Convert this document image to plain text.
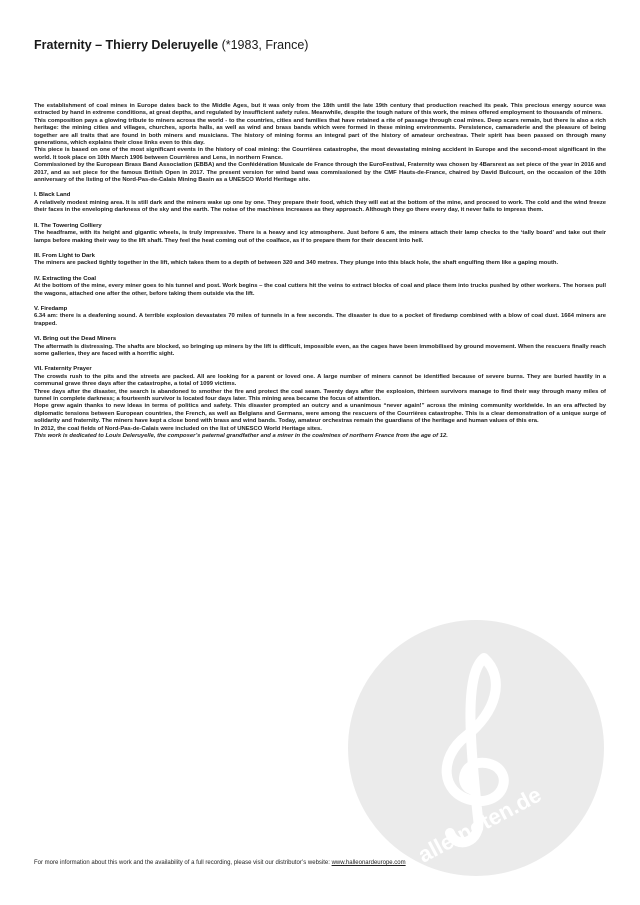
Fraternity – Thierry Deleruyelle (*1983, France)

The establishment of coal mines in Europe dates back to the Middle Ages, but it was only from the 18th until the late 19th century that production reached its peak. This precious energy source was extracted by hand in extreme conditions, at great depths, and regulated by insufficient safety rules. Meanwhile, despite the tough nature of this work, the mines offered employment to thousands of miners.

This composition pays a glowing tribute to miners across the world - to the countries, cities and families that have retained a rite of passage through coal mines. Deep scars remain, but there is also a rich heritage: the mining cities and villages, churches, sports halls, as well as wind and brass bands which were formed in these mining environments. Persistence, camaraderie and the pleasure of being together are all traits that are found in both miners and musicians. The history of mining forms an integral part of the history of amateur orchestras. Their spirit has been passed on through many generations, which explains their close links even to this day.

This piece is based on one of the most significant events in the history of coal mining: the Courrières catastrophe, the most devastating mining accident in Europe and the second-most significant in the world. It took place on 10th March 1906 between Courrières and Lens, in northern France.

Commissioned by the European Brass Band Association (EBBA) and the Confédération Musicale de France through the EuroFestival, Fraternity was chosen by 4Barsrest as set piece of the year in 2016 and 2017, and as set piece for the famous British Open in 2017. The present version for wind band was commissioned by the CMF Hauts-de-France, chaired by David Bulcourt, on the occasion of the 10th anniversary of the listing of the Nord-Pas-de-Calais Mining Basin as a UNESCO World Heritage site.

I. Black Land

A relatively modest mining area. It is still dark and the miners wake up one by one. They prepare their food, which they will eat at the bottom of the mine, and proceed to work. The cold and the wind freeze their faces in the enveloping darkness of the sky and the earth. The noise of the machines increases as they approach. Although they go there every day, it never fails to impress them.

II. The Towering Colliery

The headframe, with its height and gigantic wheels, is truly impressive. There is a heavy and icy atmosphere. Just before 6 am, the miners attach their lamp checks to the ‘tally board’ and take out their lamps before making their way to the lift shaft. They feel the heat coming out of the coalface, as if to prepare them for their descent into hell.

III. From Light to Dark

The miners are packed tightly together in the lift, which takes them to a depth of between 320 and 340 metres. They plunge into this black hole, the shaft engulfing them like a gaping mouth.

IV. Extracting the Coal

At the bottom of the mine, every miner goes to his tunnel and post. Work begins – the coal cutters hit the veins to extract blocks of coal and place them into trucks pushed by other workers. The horses pull the wagons, attached one after the other, before taking them outside via the lift.

V. Firedamp

6.34 am: there is a deafening sound. A terrible explosion devastates 70 miles of tunnels in a few seconds. The disaster is due to a pocket of firedamp combined with a blow of coal dust. 1664 miners are trapped.

VI. Bring out the Dead Miners

The aftermath is distressing. The shafts are blocked, so bringing up miners by the lift is difficult, impossible even, as the cages have been immobilised by ground movement. When the rescuers finally reach some galleries, they are faced with a horrific sight.

VII. Fraternity Prayer

The crowds rush to the pits and the streets are packed. All are looking for a parent or loved one. A large number of miners cannot be identified because of severe burns. They are buried hastily in a communal grave three days after the catastrophe, a total of 1099 victims.

Three days after the disaster, the search is abandoned to smother the fire and protect the coal seam. Twenty days after the explosion, thirteen survivors manage to find their way through many miles of tunnel in complete darkness; a fourteenth survivor is located four days later. This mining area became the focus of attention.

Hope grew again thanks to new ideas in terms of politics and safety. This disaster prompted an outcry and a unanimous “never again!” across the mining community worldwide. In an era affected by diplomatic tensions between European countries, the French, as well as Belgians and Germans, were among the rescuers of the Courrières catastrophe. This is a clear demonstration of a unique surge of solidarity and fraternity. The miners have kept a close bond with brass and wind bands. Today, amateur orchestras remain the guardians of the heritage and human values of this era.

In 2012, the coal fields of Nord-Pas-de-Calais were included on the list of UNESCO World Heritage sites.

This work is dedicated to Louis Deleruyelle, the composer’s paternal grandfather and a miner in the coalmines of northern France from the age of 12.

alle-noten.de
For more information about this work and the availability of a full recording, please visit our distributor’s website: www.halleonardeurope.com
